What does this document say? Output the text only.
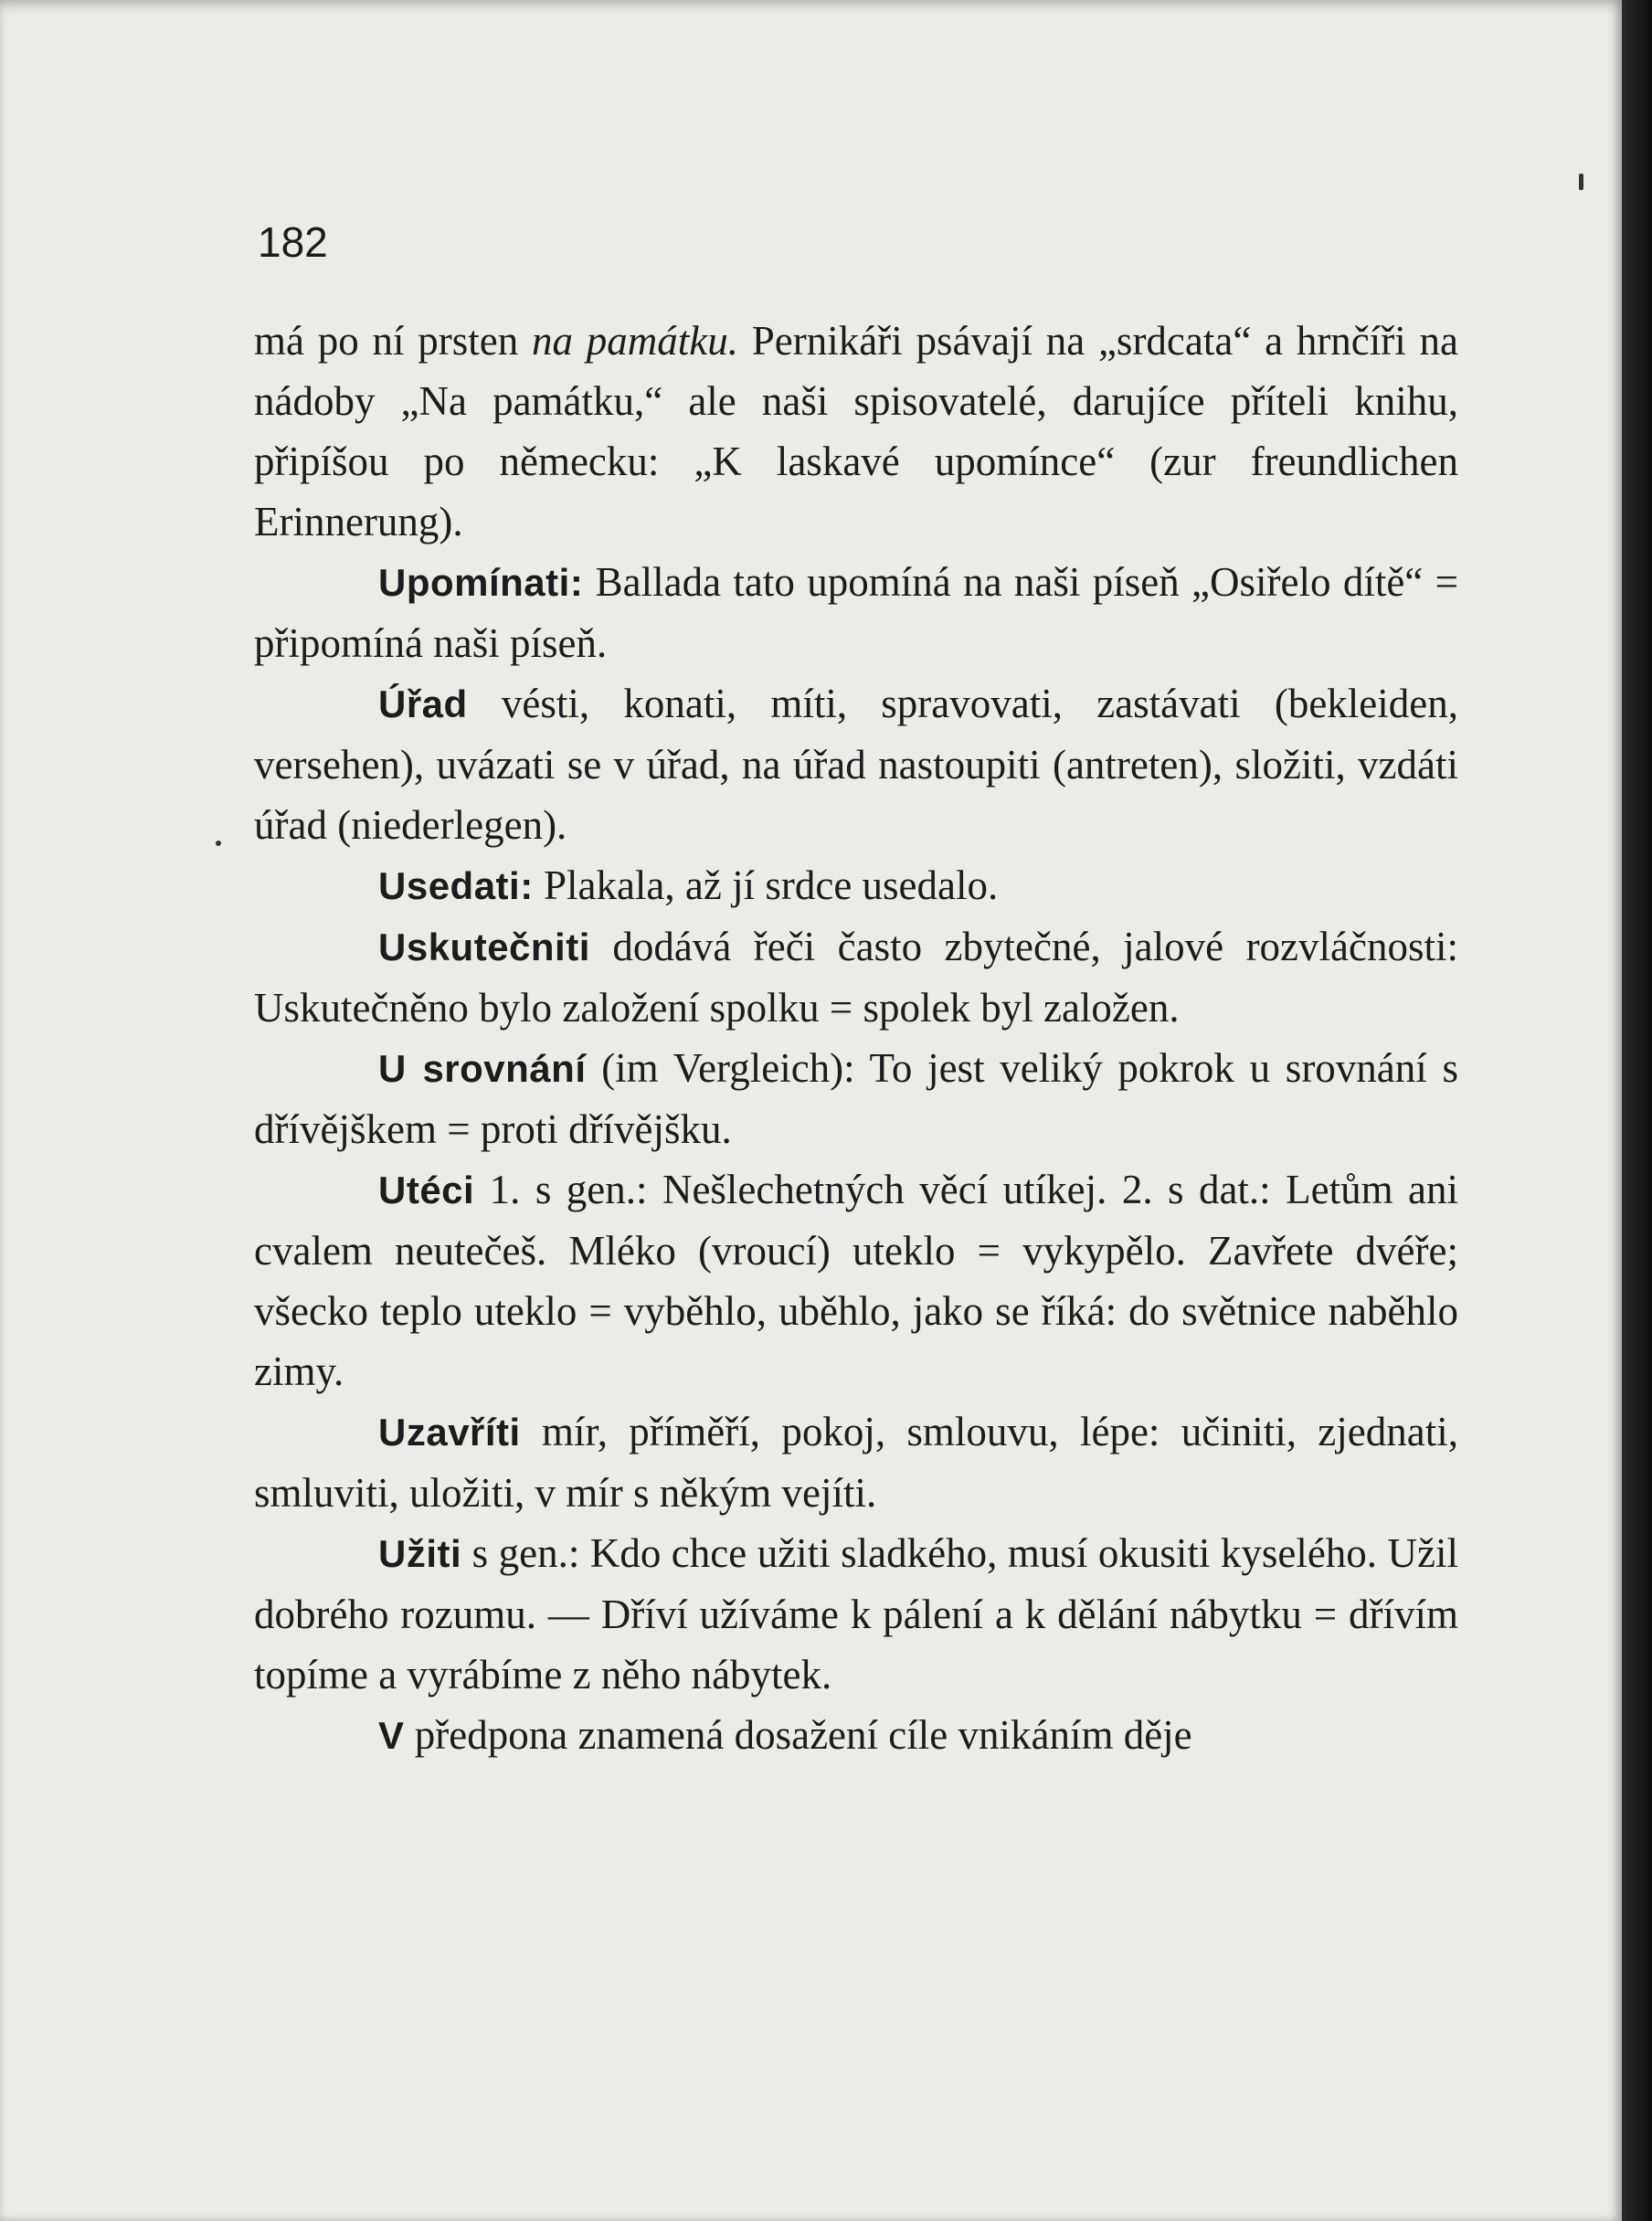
182

má po ní prsten na památku. Pernikáři psávají na „srdcata“ a hrnčíři na nádoby „Na památku,“ ale naši spisovatelé, darujíce příteli knihu, připíšou po německu: „K laskavé upomínce“ (zur freundlichen Erinnerung).

Upomínati: Ballada tato upomíná na naši píseň „Osiřelo dítě“ = připomíná naši píseň.

Úřad vésti, konati, míti, spravovati, zastávati (bekleiden, versehen), uvázati se v úřad, na úřad nastoupiti (antreten), složiti, vzdáti úřad (niederlegen).

Usedati: Plakala, až jí srdce usedalo.

Uskutečniti dodává řeči často zbytečné, jalové rozvláčnosti: Uskutečněno bylo založení spolku = spolek byl založen.

U srovnání (im Vergleich): To jest veliký pokrok u srovnání s dřívějškem = proti dřívějšku.

Utéci 1. s gen.: Nešlechetných věcí utíkej. 2. s dat.: Letům ani cvalem neutečeš. Mléko (vroucí) uteklo = vykypělo. Zavřete dvéře; všecko teplo uteklo = vyběhlo, uběhlo, jako se říká: do světnice naběhlo zimy.

Uzavříti mír, příměří, pokoj, smlouvu, lépe: učiniti, zjednati, smluviti, uložiti, v mír s někým vejíti.

Užiti s gen.: Kdo chce užiti sladkého, musí okusiti kyselého. Užil dobrého rozumu. — Dříví užíváme k pálení a k dělání nábytku = dřívím topíme a vyrábíme z něho nábytek.

V předpona znamená dosažení cíle vnikáním děje
